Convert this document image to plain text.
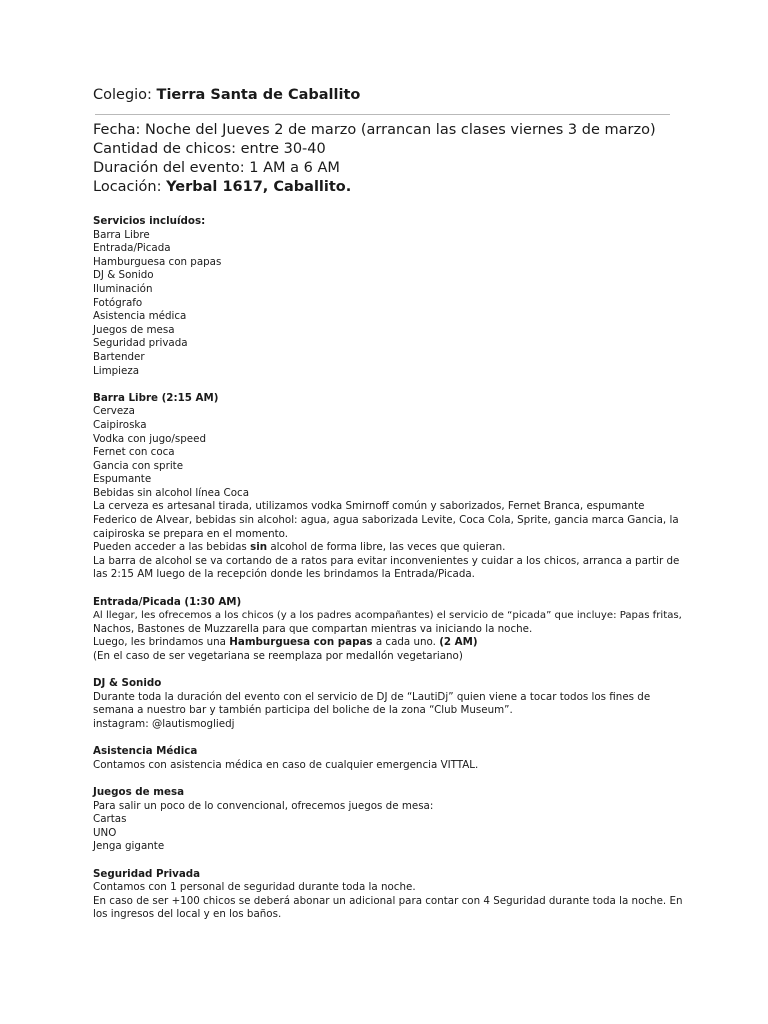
Colegio: Tierra Santa de Caballito
Fecha: Noche del Jueves 2 de marzo (arrancan las clases viernes 3 de marzo)
Cantidad de chicos: entre 30-40
Duración del evento: 1 AM a 6 AM
Locación: Yerbal 1617, Caballito.
Servicios incluídos:
Barra Libre
Entrada/Picada
Hamburguesa con papas
DJ & Sonido
Iluminación
Fotógrafo
Asistencia médica
Juegos de mesa
Seguridad privada
Bartender
Limpieza
Barra Libre (2:15 AM)
Cerveza
Caipiroska
Vodka con jugo/speed
Fernet con coca
Gancia con sprite
Espumante
Bebidas sin alcohol línea Coca
La cerveza es artesanal tirada, utilizamos vodka Smirnoff común y saborizados, Fernet Branca, espumante
Federico de Alvear, bebidas sin alcohol: agua, agua saborizada Levite, Coca Cola, Sprite, gancia marca Gancia, la
caipiroska se prepara en el momento.
Pueden acceder a las bebidas sin alcohol de forma libre, las veces que quieran.
La barra de alcohol se va cortando de a ratos para evitar inconvenientes y cuidar a los chicos, arranca a partir de
las 2:15 AM luego de la recepción donde les brindamos la Entrada/Picada.
Entrada/Picada (1:30 AM)
Al llegar, les ofrecemos a los chicos (y a los padres acompañantes) el servicio de “picada” que incluye: Papas fritas,
Nachos, Bastones de Muzzarella para que compartan mientras va iniciando la noche.
Luego, les brindamos una Hamburguesa con papas a cada uno. (2 AM)
(En el caso de ser vegetariana se reemplaza por medallón vegetariano)
DJ & Sonido
Durante toda la duración del evento con el servicio de DJ de “LautiDj” quien viene a tocar todos los fines de
semana a nuestro bar y también participa del boliche de la zona “Club Museum”.
instagram: @lautismogliedj
Asistencia Médica
Contamos con asistencia médica en caso de cualquier emergencia VITTAL.
Juegos de mesa
Para salir un poco de lo convencional, ofrecemos juegos de mesa:
Cartas
UNO
Jenga gigante
Seguridad Privada
Contamos con 1 personal de seguridad durante toda la noche.
En caso de ser +100 chicos se deberá abonar un adicional para contar con 4 Seguridad durante toda la noche. En
los ingresos del local y en los baños.
